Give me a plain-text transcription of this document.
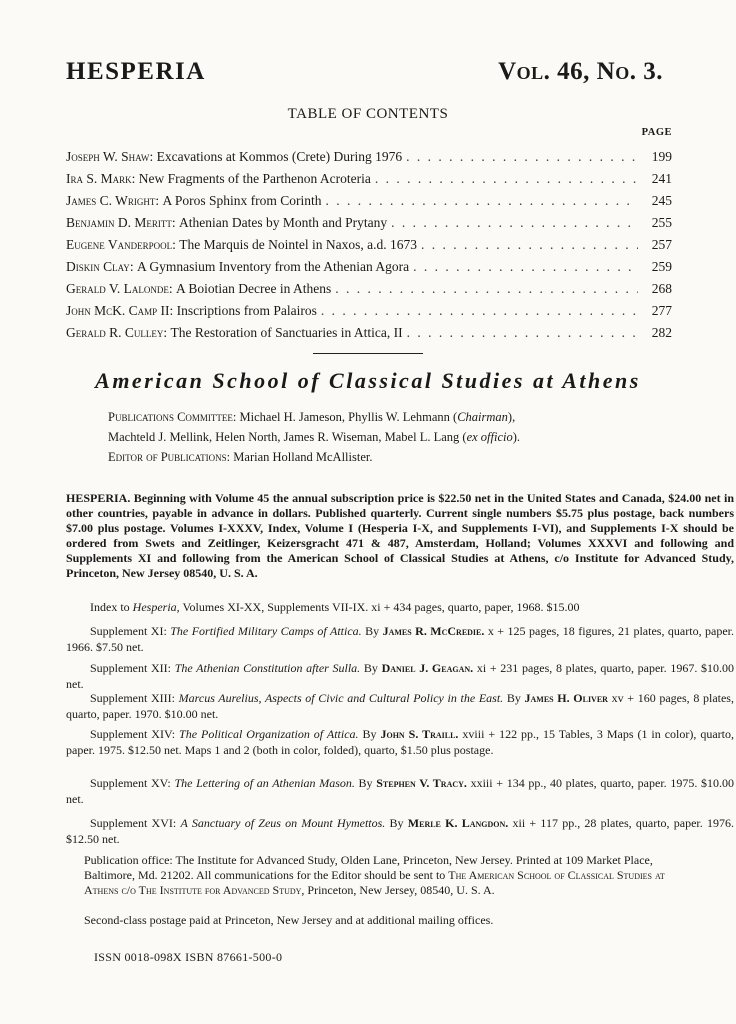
HESPERIA	Vol. 46, No. 3.
TABLE OF CONTENTS
PAGE
Joseph W. Shaw : Excavations at Kommos (Crete) During 1976 . . .	199
Ira S. Mark : New Fragments of the Parthenon Acroteria . . .	241
James C. Wright : A Poros Sphinx from Corinth . . .	245
Benjamin D. Meritt : Athenian Dates by Month and Prytany . . .	255
Eugene Vanderpool : The Marquis de Nointel in Naxos, a.d. 1673 . . .	257
Diskin Clay : A Gymnasium Inventory from the Athenian Agora . . .	259
Gerald V. Lalonde : A Boiotian Decree in Athens . . .	268
John McK. Camp II : Inscriptions from Palairos . . .	277
Gerald R. Culley : The Restoration of Sanctuaries in Attica, II . . .	282
American School of Classical Studies at Athens
Publications Committee: Michael H. Jameson, Phyllis W. Lehmann (Chairman),
Machteld J. Mellink, Helen North, James R. Wiseman, Mabel L. Lang (ex officio).
Editor of Publications: Marian Holland McAllister.
HESPERIA. Beginning with Volume 45 the annual subscription price is $22.50 net in the United States and Canada, $24.00 net in other countries, payable in advance in dollars. Published quarterly. Current single numbers $5.75 plus postage, back numbers $7.00 plus postage. Volumes I-XXXV, Index, Volume I (Hesperia I-X, and Supplements I-VI), and Supplements I-X should be ordered from Swets and Zeitlinger, Keizersgracht 471 & 487, Amsterdam, Holland; Volumes XXXVI and following and Supplements XI and following from the American School of Classical Studies at Athens, c/o Institute for Advanced Study, Princeton, New Jersey 08540, U. S. A.
Index to Hesperia, Volumes XI-XX, Supplements VII-IX. xi + 434 pages, quarto, paper, 1968. $15.00
Supplement XI: The Fortified Military Camps of Attica. By James R. McCredie. x + 125 pages, 18 figures, 21 plates, quarto, paper. 1966. $7.50 net.
Supplement XII: The Athenian Constitution after Sulla. By Daniel J. Geagan. xi + 231 pages, 8 plates, quarto, paper. 1967. $10.00 net.
Supplement XIII: Marcus Aurelius, Aspects of Civic and Cultural Policy in the East. By James H. Oliver xv + 160 pages, 8 plates, quarto, paper. 1970. $10.00 net.
Supplement XIV: The Political Organization of Attica. By John S. Traill. xviii + 122 pp., 15 Tables, 3 Maps (1 in color), quarto, paper. 1975. $12.50 net. Maps 1 and 2 (both in color, folded), quarto, $1.50 plus postage.
Supplement XV: The Lettering of an Athenian Mason. By Stephen V. Tracy. xxiii + 134 pp., 40 plates, quarto, paper. 1975. $10.00 net.
Supplement XVI: A Sanctuary of Zeus on Mount Hymettos. By Merle K. Langdon. xii + 117 pp., 28 plates, quarto, paper. 1976. $12.50 net.
Publication office: The Institute for Advanced Study, Olden Lane, Princeton, New Jersey. Printed at 109 Market Place, Baltimore, Md. 21202. All communications for the Editor should be sent to The American School of Classical Studies at Athens c/o The Institute for Advanced Study, Princeton, New Jersey, 08540, U. S. A.
Second-class postage paid at Princeton, New Jersey and at additional mailing offices.
ISSN 0018-098X ISBN 87661-500-0
